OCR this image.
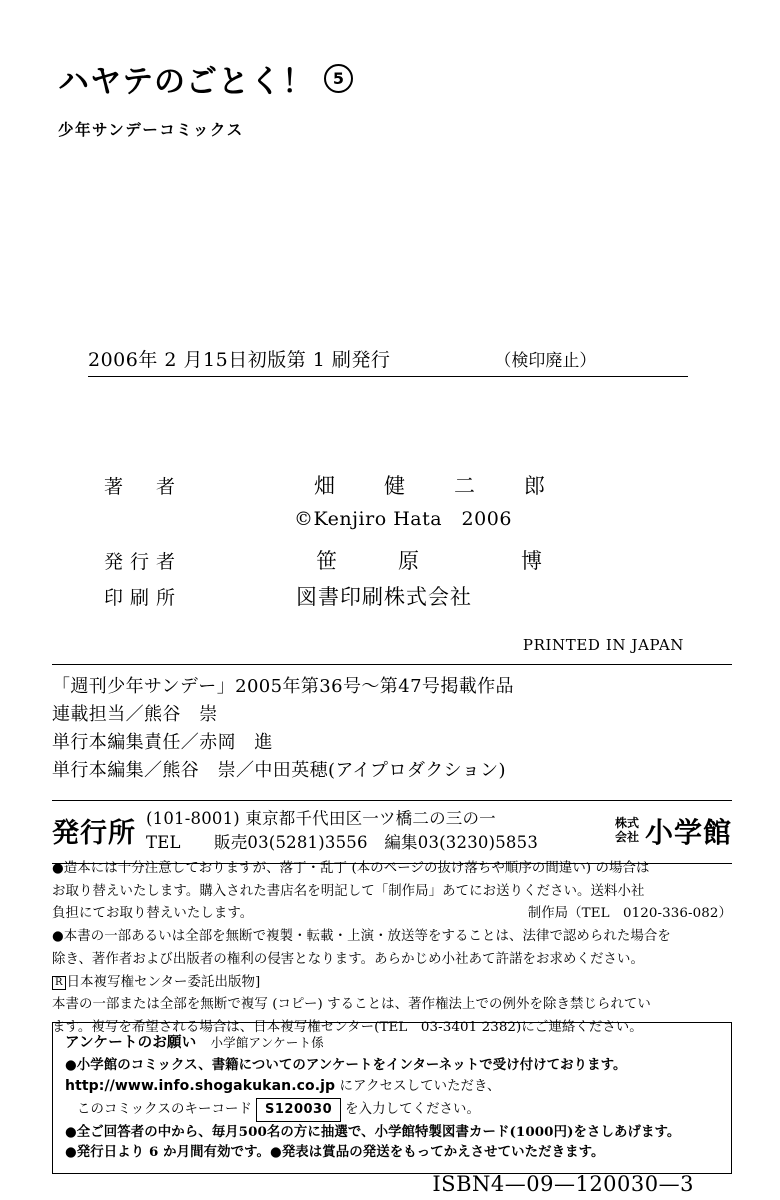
ハヤテのごとく！	5
少年サンデーコミックス
2006年 2 月15日初版第 1 刷発行	（検印廃止）
著　者	畑　健　二　郎
©Kenjiro Hata　2006
発行者	笹　原　　博
印刷所	図書印刷株式会社
PRINTED IN JAPAN
「週刊少年サンデー」2005年第36号〜第47号掲載作品
連載担当／熊谷　崇
単行本編集責任／赤岡　進
単行本編集／熊谷　崇／中田英穂(アイプロダクション)
発行所 (101-8001) 東京都千代田区一ツ橋二の三の一
TEL　　販売03(5281)3556　編集03(3230)5853
株式
会社 小学館

●造本には十分注意しておりますが、落丁・乱丁 (本のページの抜け落ちや順序の間違い) の場合は

お取り替えいたします。購入された書店名を明記して「制作局」あてにお送りください。送料小社

制作局（TEL　0120-336-082）
負担にてお取り替えいたします。

●本書の一部あるいは全部を無断で複製・転載・上演・放送等をすることは、法律で認められた場合を

除き、著作者および出版者の権利の侵害となります。あらかじめ小社あて許諾をお求めください。

R 日本複写権センター委託出版物]

本書の一部または全部を無断で複写 (コピー) することは、著作権法上での例外を除き禁じられてい

ます。複写を希望される場合は、日本複写権センター(TEL　03-3401 2382)にご連絡ください。

アンケートのお願い 小学館アンケート係
●小学館のコミックス、書籍についてのアンケートをインターネットで受け付けております。
http://www.info.shogakukan.co.jp にアクセスしていただき、
このコミックスのキーコード S120030 を入力してください。
●全ご回答者の中から、毎月500名の方に抽選で、小学館特製図書カード(1000円)をさしあげます。
●発行日より 6 か月間有効です。●発表は賞品の発送をもってかえさせていただきます。
ISBN4—09—120030—3
